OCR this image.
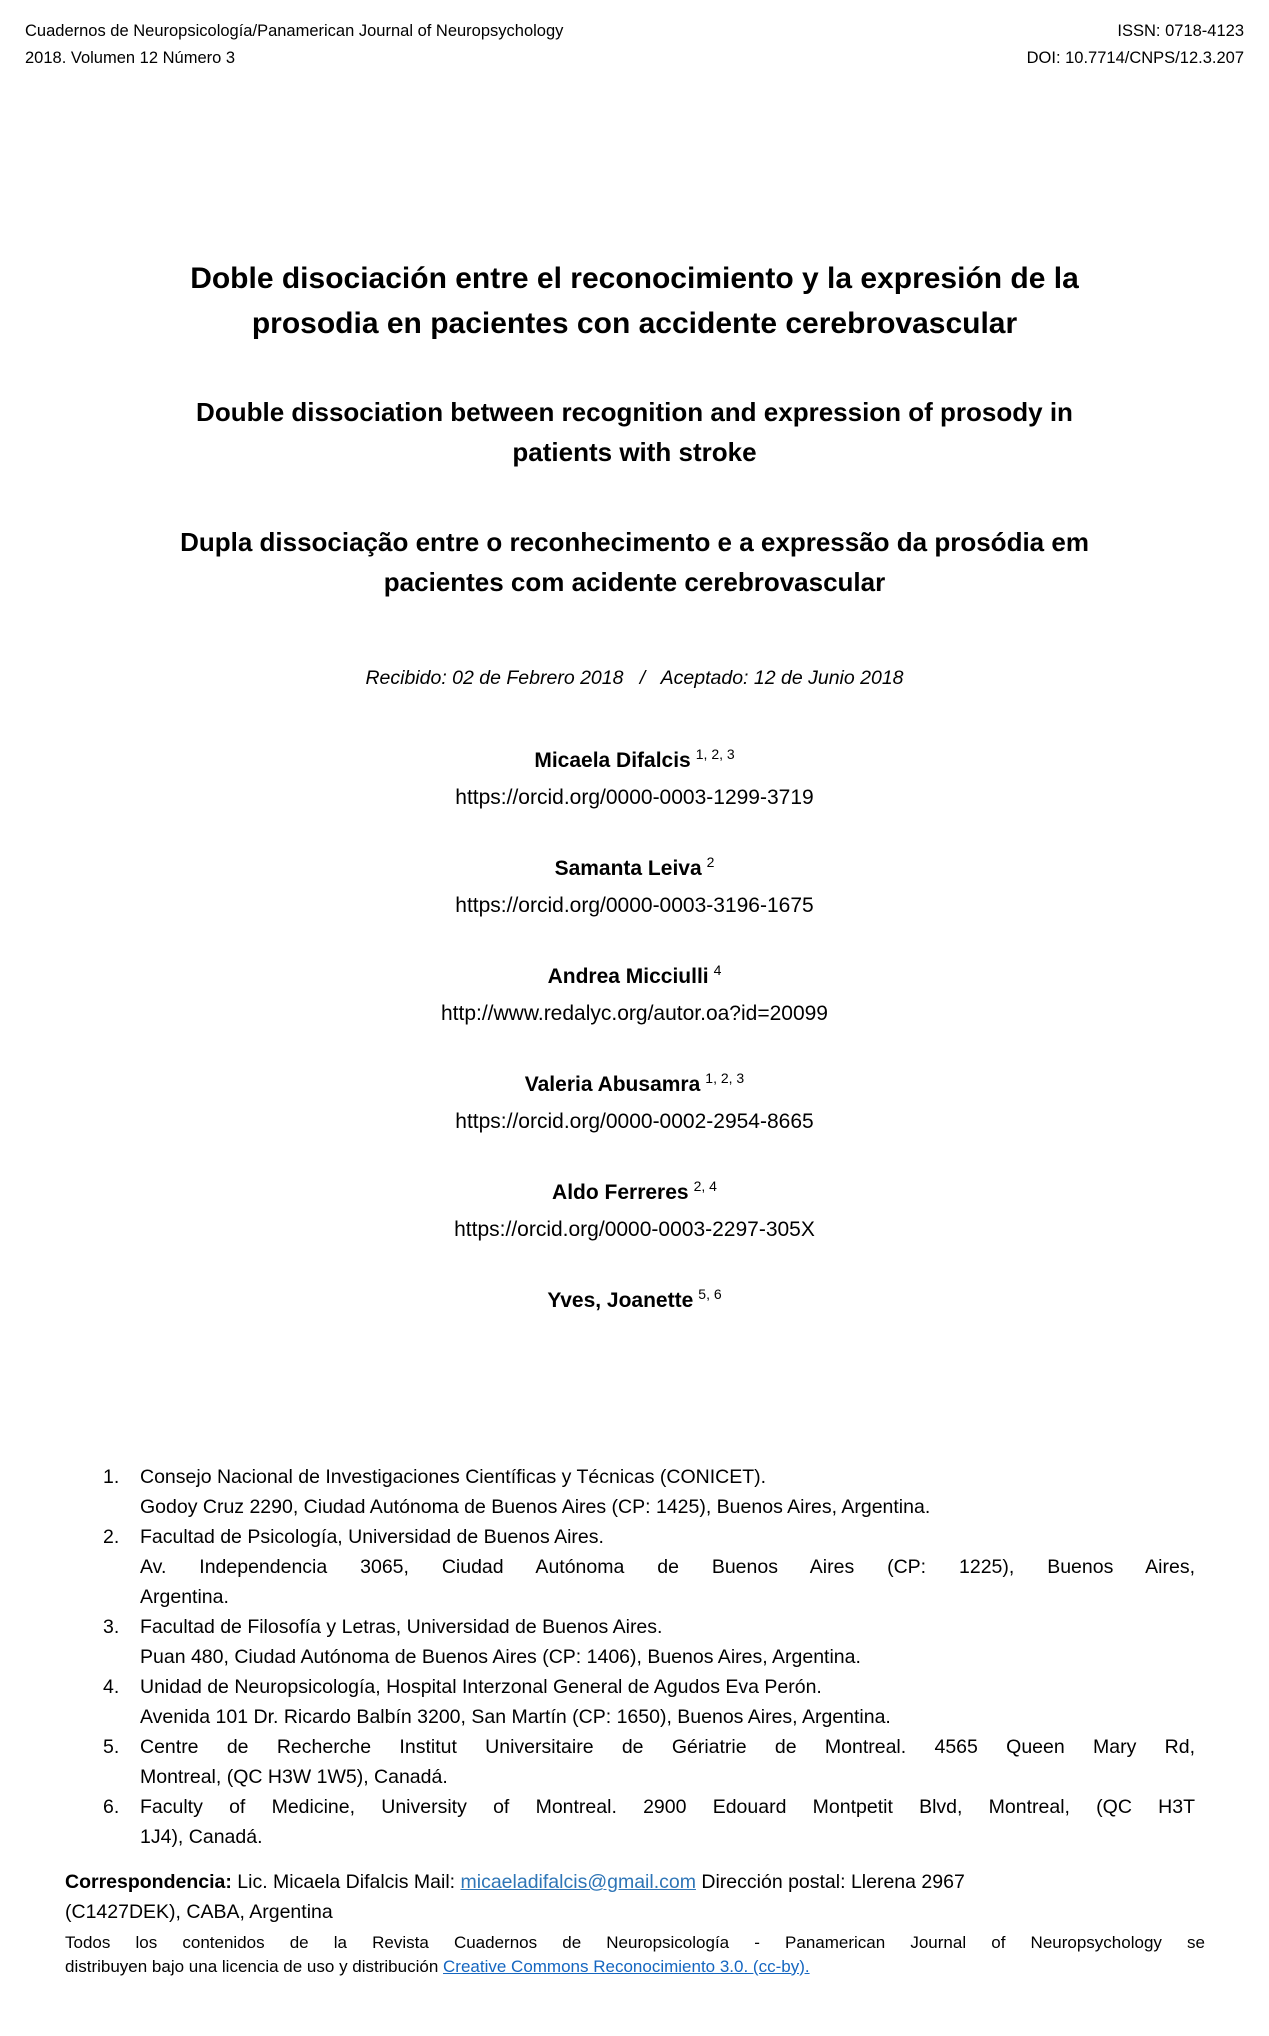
Cuadernos de Neuropsicología/Panamerican Journal of Neuropsychology
2018. Volumen 12 Número 3
ISSN: 0718-4123
DOI: 10.7714/CNPS/12.3.207
Doble disociación entre el reconocimiento y la expresión de la
prosodia en pacientes con accidente cerebrovascular
Double dissociation between recognition and expression of prosody in
patients with stroke
Dupla dissociação entre o reconhecimento e a expressão da prosódia em
pacientes com acidente cerebrovascular
Recibido: 02 de Febrero 2018   /   Aceptado: 12 de Junio 2018
Micaela Difalcis $^{1, 2, 3}$
https://orcid.org/0000-0003-1299-3719
Samanta Leiva $^2$
https://orcid.org/0000-0003-3196-1675
Andrea Micciulli $^4$
http://www.redalyc.org/autor.oa?id=20099
Valeria Abusamra $^{1, 2, 3}$
https://orcid.org/0000-0002-2954-8665
Aldo Ferreres $^{2, 4}$
https://orcid.org/0000-0003-2297-305X
Yves, Joanette $^{5, 6}$
1.	Consejo Nacional de Investigaciones Científicas y Técnicas (CONICET).
Godoy Cruz 2290, Ciudad Autónoma de Buenos Aires (CP: 1425), Buenos Aires, Argentina.
2.	Facultad de Psicología, Universidad de Buenos Aires.
Av. Independencia 3065, Ciudad Autónoma de Buenos Aires (CP: 1225), Buenos Aires,
Argentina.
3.	Facultad de Filosofía y Letras, Universidad de Buenos Aires.
Puan 480, Ciudad Autónoma de Buenos Aires (CP: 1406), Buenos Aires, Argentina.
4.	Unidad de Neuropsicología, Hospital Interzonal General de Agudos Eva Perón.
Avenida 101 Dr. Ricardo Balbín 3200, San Martín (CP: 1650), Buenos Aires, Argentina.
5.	Centre de Recherche Institut Universitaire de Gériatrie de Montreal. 4565 Queen Mary Rd,
Montreal, (QC H3W 1W5), Canadá.
6.	Faculty of Medicine, University of Montreal. 2900 Edouard Montpetit Blvd, Montreal, (QC H3T
1J4), Canadá.

Correspondencia: Lic. Micaela Difalcis Mail: micaeladifalcis@gmail.com Dirección postal: Llerena 2967
(C1427DEK), CABA, Argentina

Todos los contenidos de la Revista Cuadernos de Neuropsicología - Panamerican Journal of Neuropsychology se
distribuyen bajo una licencia de uso y distribución Creative Commons Reconocimiento 3.0. (cc-by).
